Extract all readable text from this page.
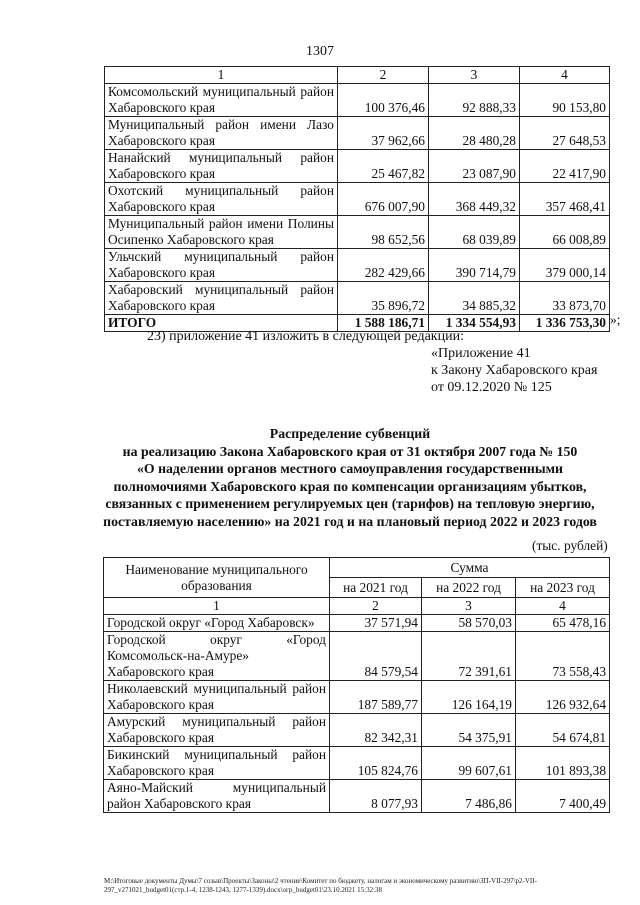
1307
1	2	3	4
Комсомольский муниципальный район Хабаровского края	100 376,46	92 888,33	90 153,80
Муниципальный район имени Лазо Хабаровского края	37 962,66	28 480,28	27 648,53
Нанайский муниципальный район Хабаровского края	25 467,82	23 087,90	22 417,90
Охотский муниципальный район Хабаровского края	676 007,90	368 449,32	357 468,41
Муниципальный район имени Полины Осипенко Хабаровского края	98 652,56	68 039,89	66 008,89
Ульчский муниципальный район Хабаровского края	282 429,66	390 714,79	379 000,14
Хабаровский муниципальный район Хабаровского края	35 896,72	34 885,32	33 873,70
ИТОГО	1 588 186,71	1 334 554,93	1 336 753,30 »;
23) приложение 41 изложить в следующей редакции:
«Приложение 41
к Закону Хабаровского края
от 09.12.2020 № 125
Распределение субвенций
на реализацию Закона Хабаровского края от 31 октября 2007 года № 150
«О наделении органов местного самоуправления государственными
полномочиями Хабаровского края по компенсации организациям убытков,
связанных с применением регулируемых цен (тарифов) на тепловую энергию,
поставляемую населению» на 2021 год и на плановый период 2022 и 2023 годов
(тыс. рублей)
Наименование муниципального образования	Сумма		
	на 2021 год	на 2022 год	на 2023 год
1	2	3	4
Городской округ «Город Хабаровск»	37 571,94	58 570,03	65 478,16
Городской округ «Город Комсомольск-на-Амуре» Хабаровского края	84 579,54	72 391,61	73 558,43
Николаевский муниципальный район Хабаровского края	187 589,77	126 164,19	126 932,64
Амурский муниципальный район Хабаровского края	82 342,31	54 375,91	54 674,81
Бикинский муниципальный район Хабаровского края	105 824,76	99 607,61	101 893,38
Аяно-Майский муниципальный район Хабаровского края	8 077,93	7 486,86	7 400,49
M:\Итоговые документы Думы\7 созыв\Проекты\Законы\2 чтение\Комитет по бюджету, налогам и экономическому развитию\ЗП-VII-297\р2-VII-
297_v271021_budget01(стр.1-4, 1238-1243, 1277-1339).docx\огр_budget01\23.10.2021 15:32:38
